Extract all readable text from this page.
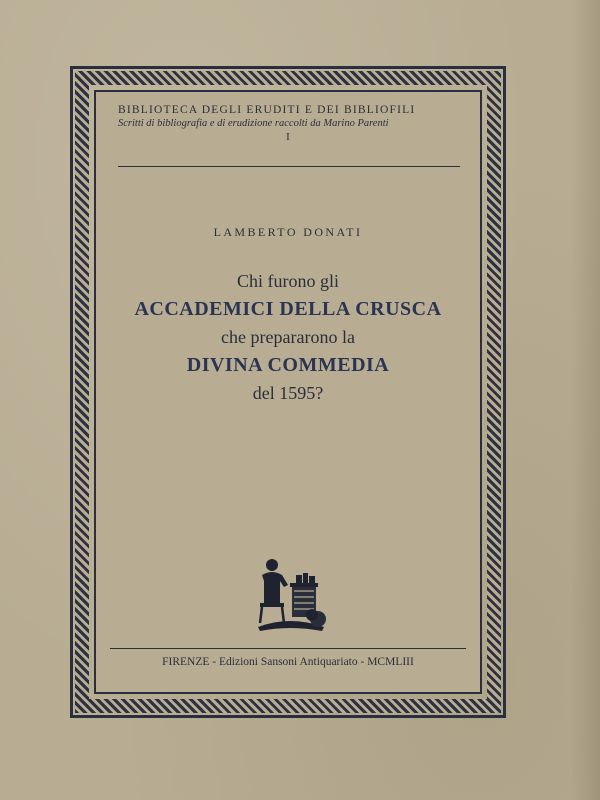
BIBLIOTECA DEGLI ERUDITI E DEI BIBLIOFILI
Scritti di bibliografia e di erudizione raccolti da Marino Parenti
I
LAMBERTO DONATI
Chi furono gli
ACCADEMICI DELLA CRUSCA
che prepararono la
DIVINA COMMEDIA
del 1595?
FIRENZE - Edizioni Sansoni Antiquariato - MCMLIII
